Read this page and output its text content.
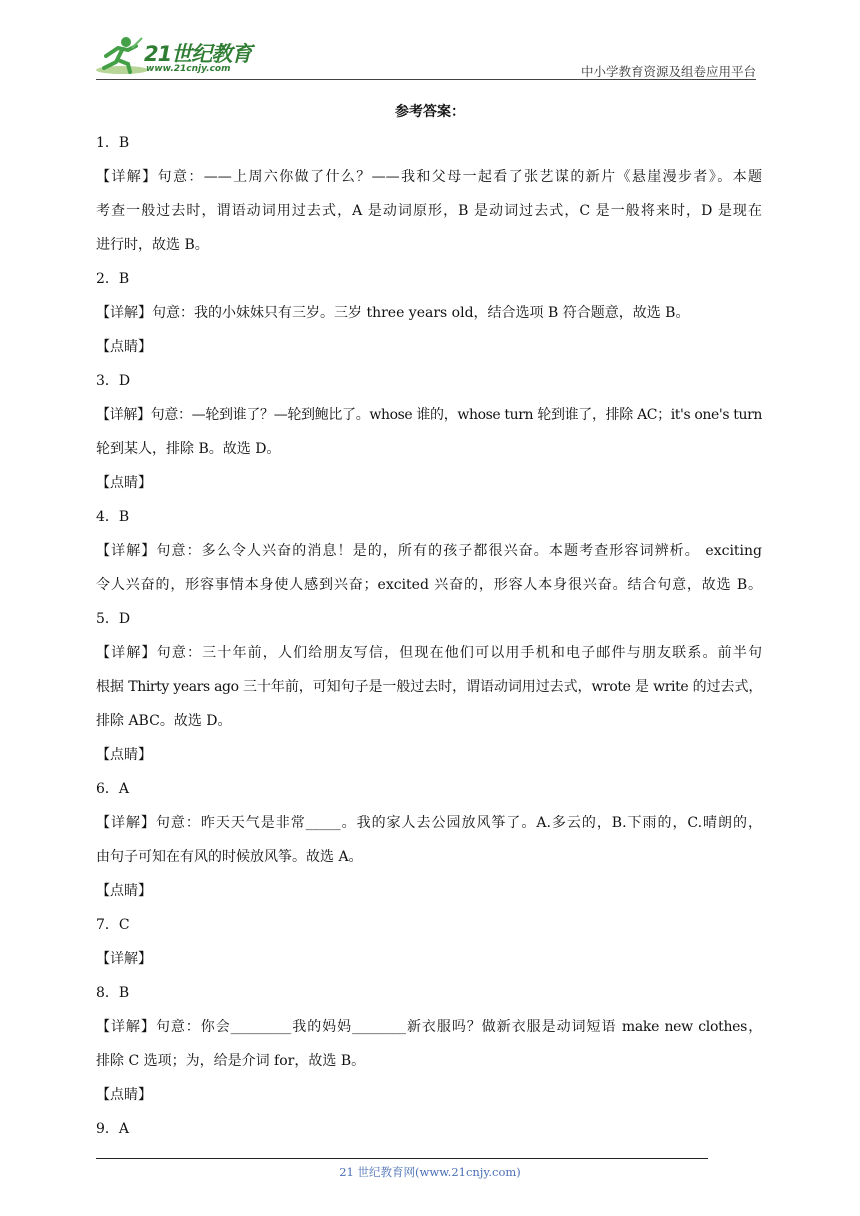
21世纪教育
www.21cnjy.com	中小学教育资源及组卷应用平台
参考答案：
1．B
【详解】句意：——上周六你做了什么？——我和父母一起看了张艺谋的新片《悬崖漫步者》。本题
考查一般过去时，谓语动词用过去式，A 是动词原形，B 是动词过去式，C 是一般将来时，D 是现在
进行时，故选 B。
2．B
【详解】句意：我的小妹妹只有三岁。三岁 three years old，结合选项 B 符合题意，故选 B。
【点睛】
3．D
【详解】句意：—轮到谁了？—轮到鲍比了。whose 谁的，whose turn 轮到谁了，排除 AC；it's one's turn
轮到某人，排除 B。故选 D。
【点睛】
4．B
【详解】句意：多么令人兴奋的消息！是的，所有的孩子都很兴奋。本题考查形容词辨析。 exciting
令人兴奋的，形容事情本身使人感到兴奋；excited 兴奋的，形容人本身很兴奋。结合句意，故选 B。
5．D
【详解】句意：三十年前，人们给朋友写信，但现在他们可以用手机和电子邮件与朋友联系。前半句
根据 Thirty years ago 三十年前，可知句子是一般过去时，谓语动词用过去式，wrote 是 write 的过去式，
排除 ABC。故选 D。
【点睛】
6．A
【详解】句意：昨天天气是非常_____。我的家人去公园放风筝了。A.多云的，B.下雨的，C.晴朗的，
由句子可知在有风的时候放风筝。故选 A。
【点睛】
7．C
【详解】
8．B
【详解】句意：你会_________我的妈妈________新衣服吗？做新衣服是动词短语 make new clothes，
排除 C 选项；为，给是介词 for，故选 B。
【点睛】
9．A
21 世纪教育网(www.21cnjy.com)
